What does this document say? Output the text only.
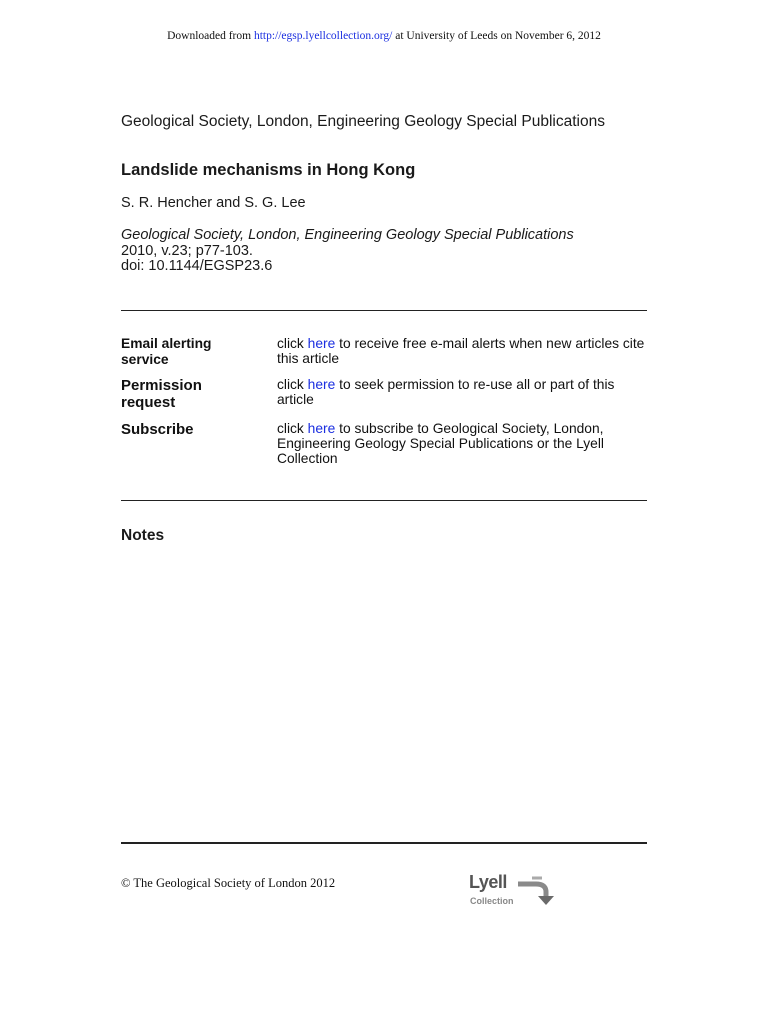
Downloaded from http://egsp.lyellcollection.org/ at University of Leeds on November 6, 2012
Geological Society, London, Engineering Geology Special Publications
Landslide mechanisms in Hong Kong
S. R. Hencher and S. G. Lee
Geological Society, London, Engineering Geology Special Publications
2010, v.23; p77-103.
doi: 10.1144/EGSP23.6
Email alerting
service
click here to receive free e-mail alerts when new articles cite this article
Permission
request
click here to seek permission to re-use all or part of this article
Subscribe	click here to subscribe to Geological Society, London, Engineering Geology Special Publications or the Lyell Collection
Notes
© The Geological Society of London 2012	Lyell
Collection
